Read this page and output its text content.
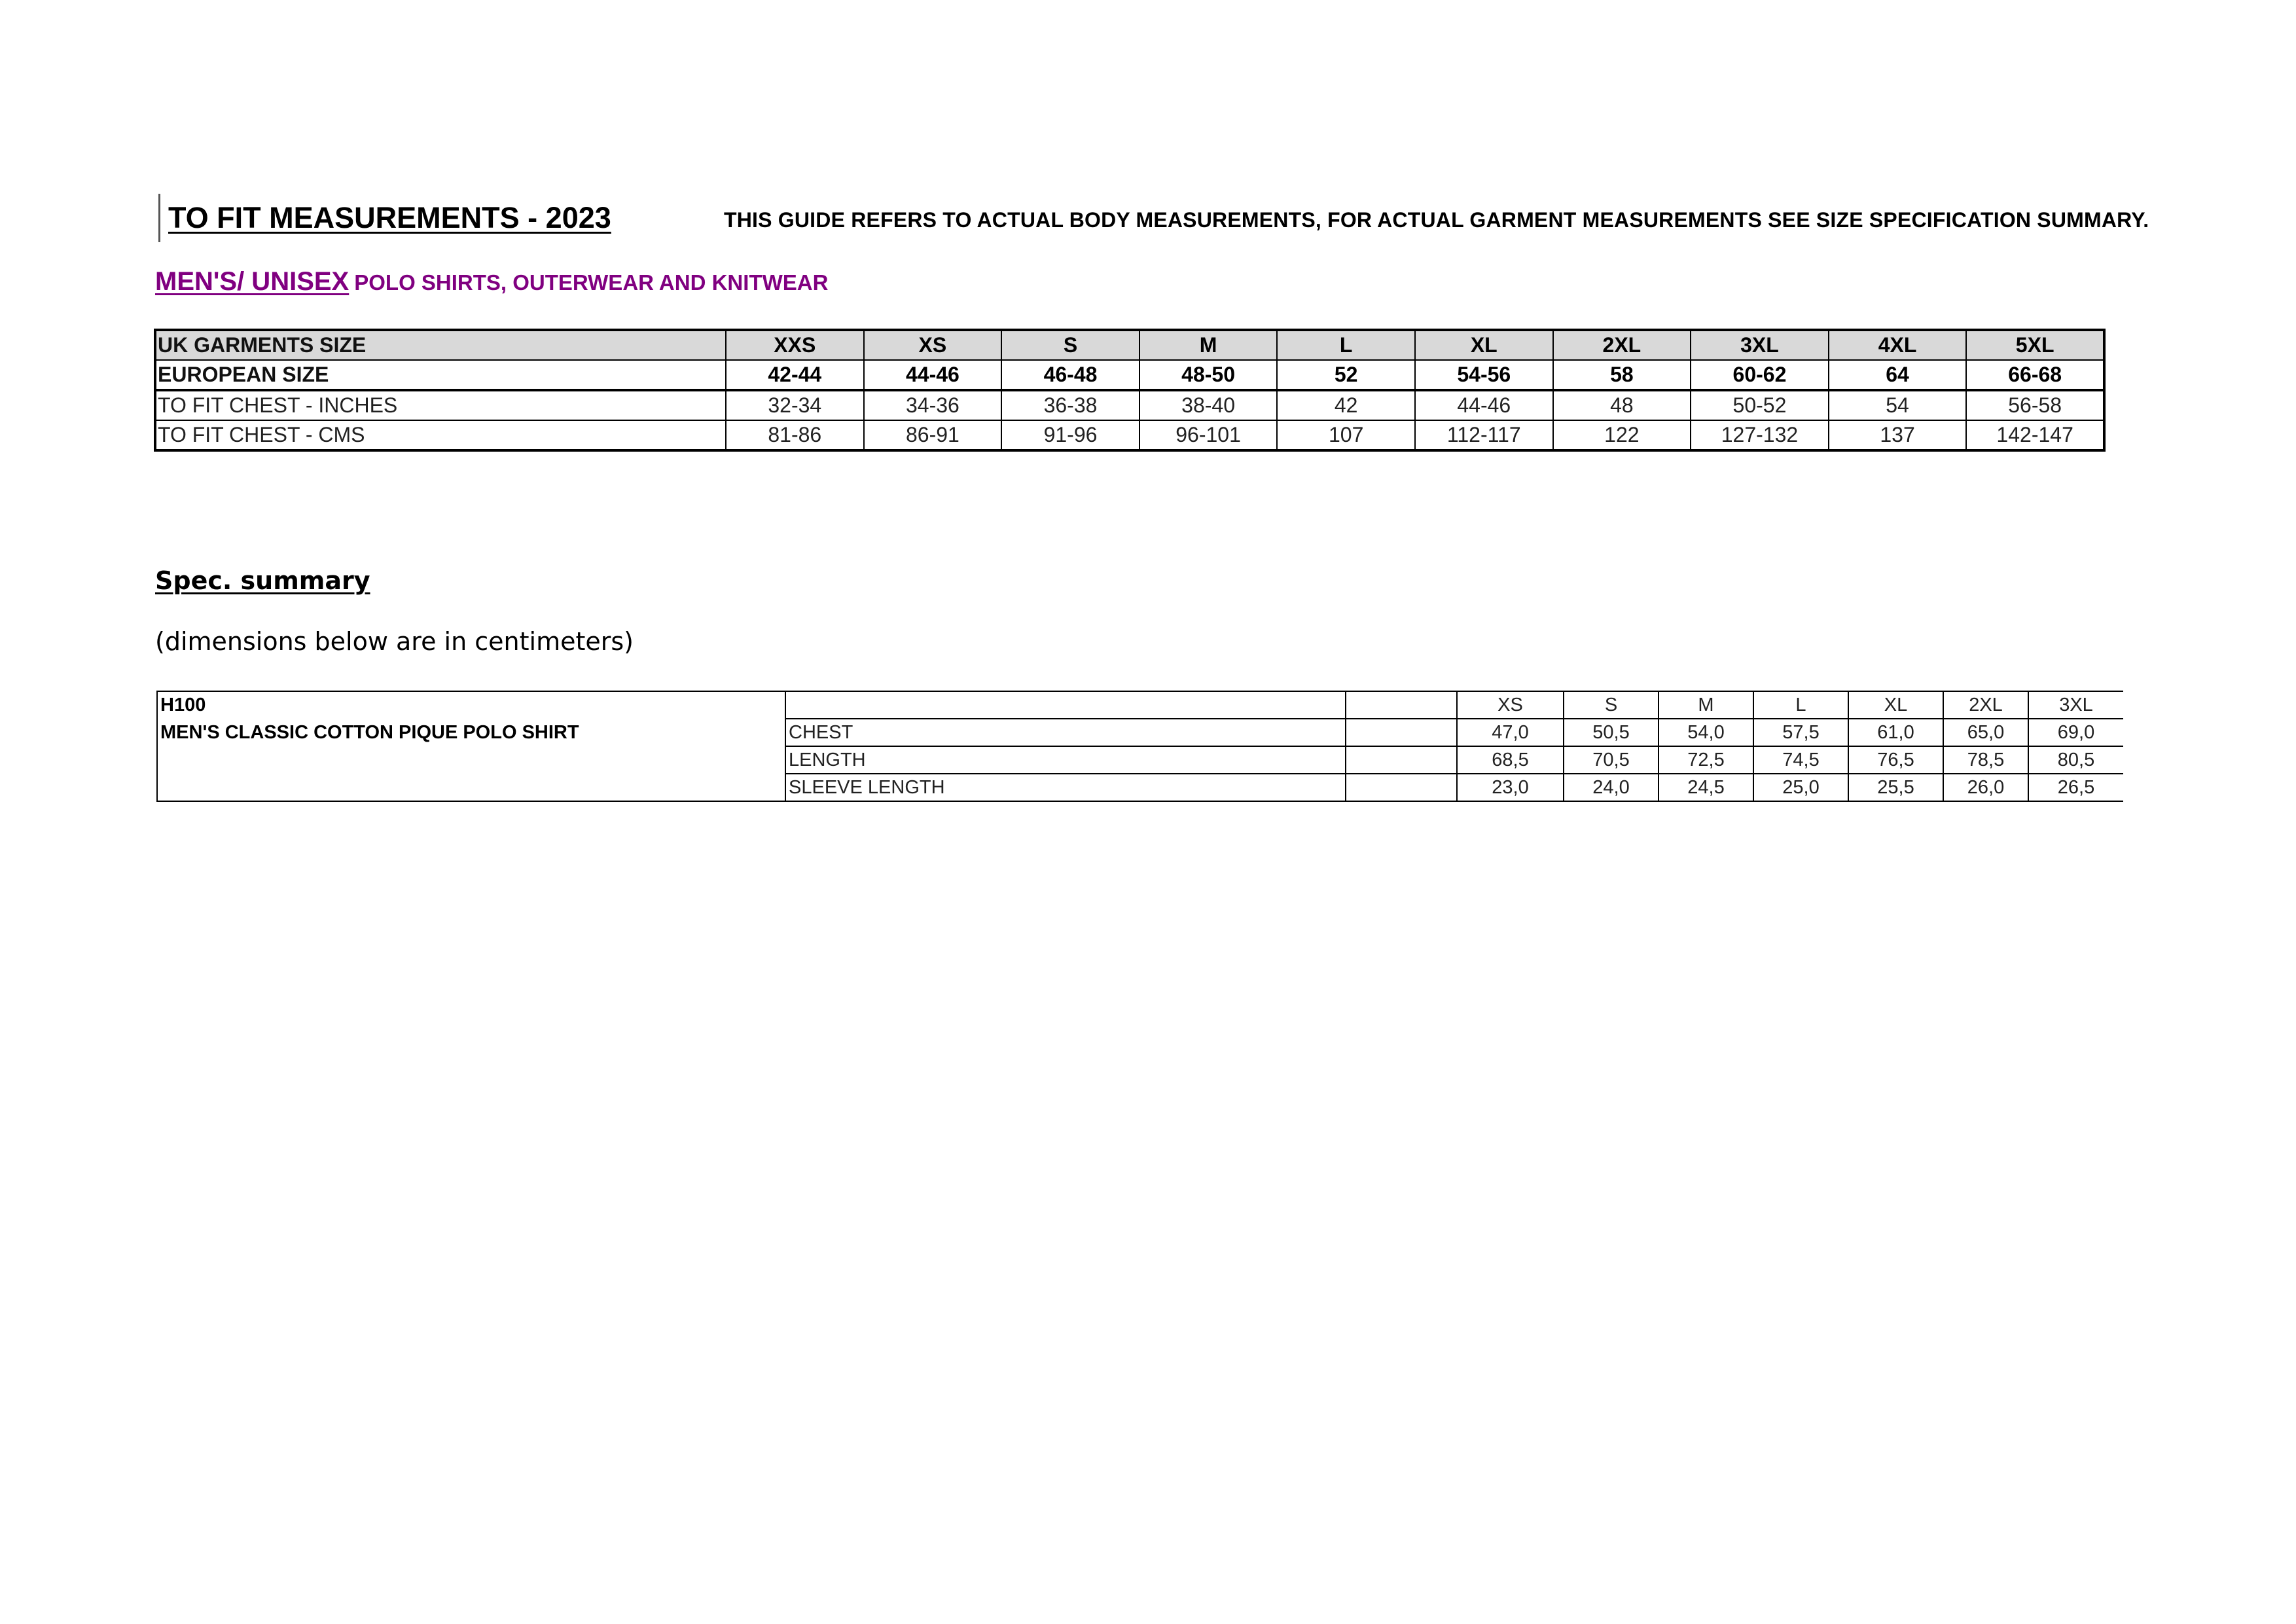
TO FIT MEASUREMENTS - 2023	THIS GUIDE REFERS TO ACTUAL BODY MEASUREMENTS, FOR ACTUAL GARMENT MEASUREMENTS SEE SIZE SPECIFICATION SUMMARY.
MEN'S/ UNISEX POLO SHIRTS, OUTERWEAR AND KNITWEAR
UK GARMENTS SIZE	XXS	XS	S	M	L	XL	2XL	3XL	4XL	5XL
EUROPEAN SIZE	42-44	44-46	46-48	48-50	52	54-56	58	60-62	64	66-68
TO FIT CHEST - INCHES	32-34	34-36	36-38	38-40	42	44-46	48	50-52	54	56-58
TO FIT CHEST - CMS	81-86	86-91	91-96	96-101	107	112-117	122	127-132	137	142-147
Spec. summary
(dimensions below are in centimeters)
H100			XS	S	M	L	XL	2XL	3XL
MEN'S CLASSIC COTTON PIQUE POLO SHIRT	CHEST		47,0	50,5	54,0	57,5	61,0	65,0	69,0
	LENGTH		68,5	70,5	72,5	74,5	76,5	78,5	80,5
	SLEEVE LENGTH		23,0	24,0	24,5	25,0	25,5	26,0	26,5
